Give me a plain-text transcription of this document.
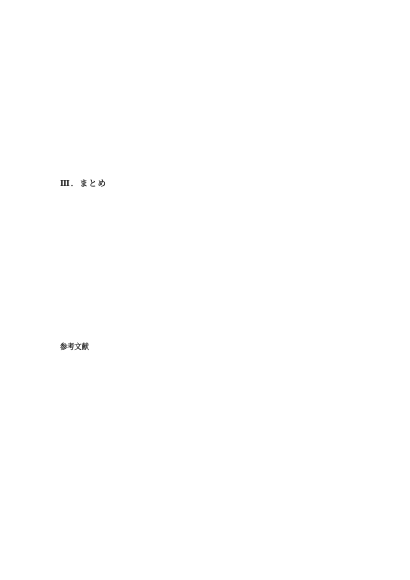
Ⅲ．まとめ
参考文献
